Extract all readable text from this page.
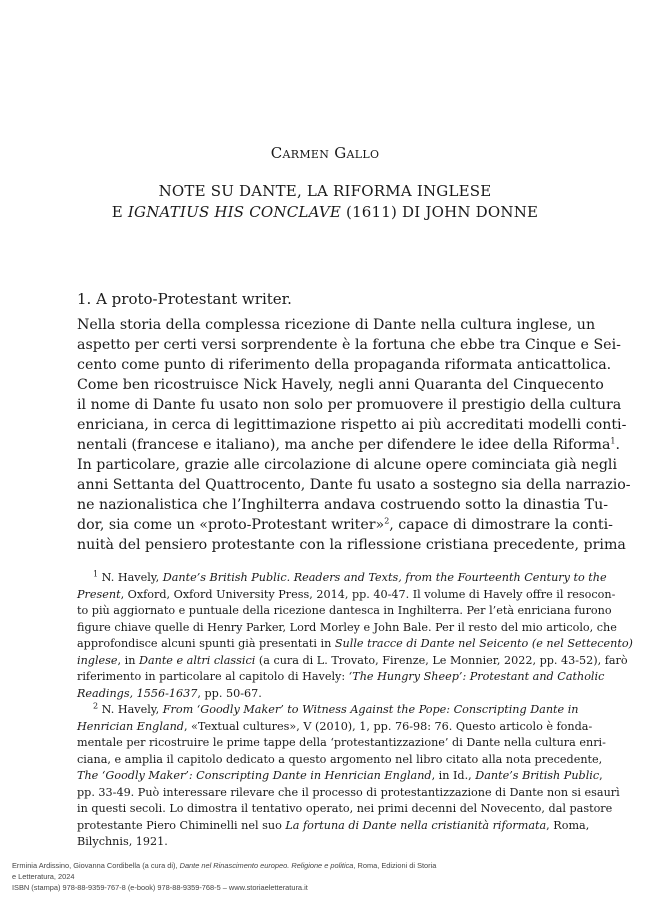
Carmen Gallo
NOTE SU DANTE, LA RIFORMA INGLESE
E IGNATIUS HIS CONCLAVE (1611) DI JOHN DONNE
1. A proto-Protestant writer.
Nella storia della complessa ricezione di Dante nella cultura inglese, un
aspetto per certi versi sorprendente è la fortuna che ebbe tra Cinque e Sei-
cento come punto di riferimento della propaganda riformata anticattolica.
Come ben ricostruisce Nick Havely, negli anni Quaranta del Cinquecento
il nome di Dante fu usato non solo per promuovere il prestigio della cultura
enriciana, in cerca di legittimazione rispetto ai più accreditati modelli conti-
nentali (francese e italiano), ma anche per difendere le idee della Riforma$^1$.
In particolare, grazie alle circolazione di alcune opere cominciata già negli
anni Settanta del Quattrocento, Dante fu usato a sostegno sia della narrazio-
ne nazionalistica che l’Inghilterra andava costruendo sotto la dinastia Tu-
dor, sia come un «proto-Protestant writer»$^2$, capace di dimostrare la conti-
nuità del pensiero protestante con la riflessione cristiana precedente, prima
$^1$ N. Havely, Dante’s British Public. Readers and Texts, from the Fourteenth Century to the
Present, Oxford, Oxford University Press, 2014, pp. 40-47. Il volume di Havely offre il resocon-
to più aggiornato e puntuale della ricezione dantesca in Inghilterra. Per l’età enriciana furono
figure chiave quelle di Henry Parker, Lord Morley e John Bale. Per il resto del mio articolo, che
approfondisce alcuni spunti già presentati in Sulle tracce di Dante nel Seicento (e nel Settecento)
inglese, in Dante e altri classici (a cura di L. Trovato, Firenze, Le Monnier, 2022, pp. 43-52), farò
riferimento in particolare al capitolo di Havely: ‘The Hungry Sheep’: Protestant and Catholic
Readings, 1556-1637, pp. 50-67.
$^2$ N. Havely, From ‘Goodly Maker’ to Witness Against the Pope: Conscripting Dante in
Henrician England, «Textual cultures», V (2010), 1, pp. 76-98: 76. Questo articolo è fonda-
mentale per ricostruire le prime tappe della ‘protestantizzazione’ di Dante nella cultura enri-
ciana, e amplia il capitolo dedicato a questo argomento nel libro citato alla nota precedente,
The ‘Goodly Maker’: Conscripting Dante in Henrician England, in Id., Dante’s British Public,
pp. 33-49. Può interessare rilevare che il processo di protestantizzazione di Dante non si esaurì
in questi secoli. Lo dimostra il tentativo operato, nei primi decenni del Novecento, dal pastore
protestante Piero Chiminelli nel suo La fortuna di Dante nella cristianità riformata, Roma,
Bilychnis, 1921.
Erminia Ardissino, Giovanna Cordibella (a cura di), Dante nel Rinascimento europeo. Religione e politica, Roma, Edizioni di Storia
e Letteratura, 2024
ISBN (stampa) 978-88-9359-767-8 (e-book) 978-88-9359-768-5 – www.storiaeletteratura.it
